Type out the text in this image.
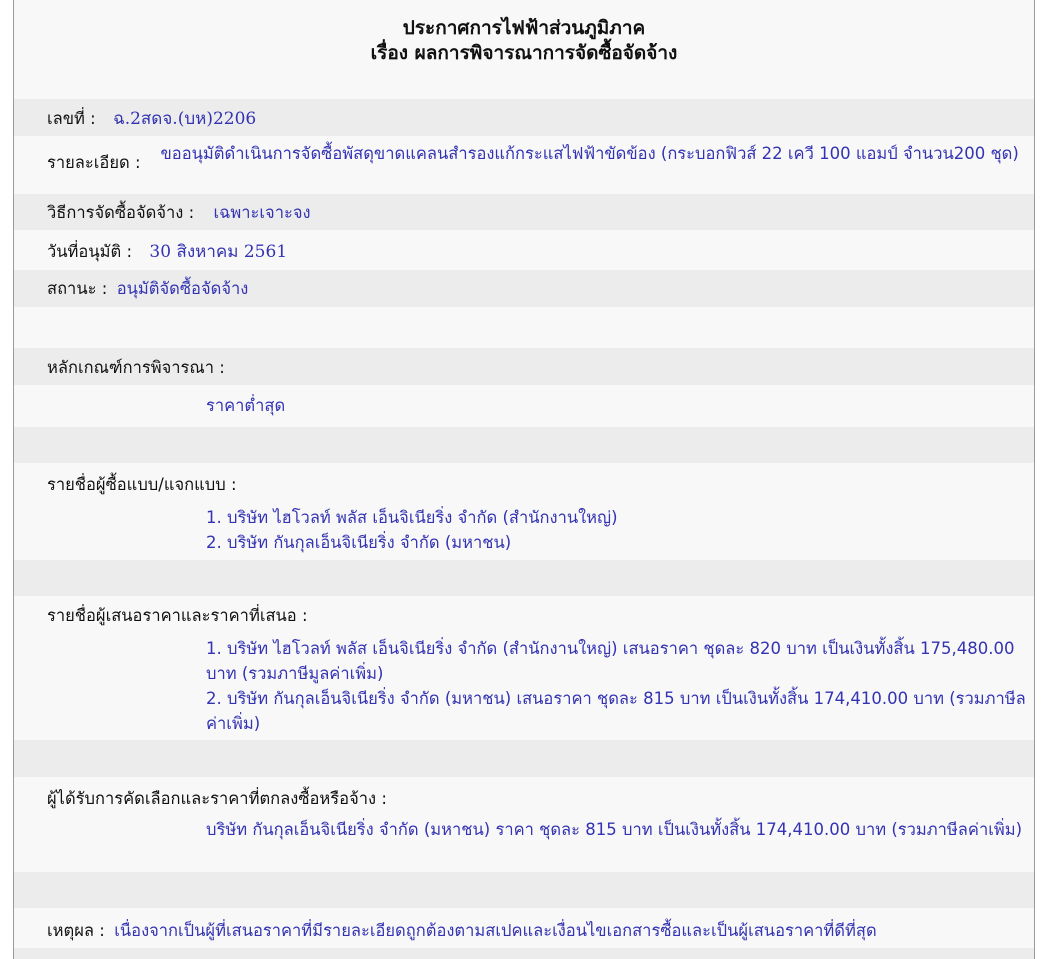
ประกาศการไฟฟ้าส่วนภูมิภาค
เรื่อง ผลการพิจารณาการจัดซื้อจัดจ้าง
เลขที่ : ฉ.2สดจ.(บห)2206
รายละเอียด : ขออนุมัติดำเนินการจัดซื้อพัสดุขาดแคลนสำรองแก้กระแสไฟฟ้าขัดข้อง (กระบอกฟิวส์ 22 เควี 100 แอมป์ จำนวน200 ชุด)
วิธีการจัดซื้อจัดจ้าง : เฉพาะเจาะจง
วันที่อนุมัติ : 30 สิงหาคม 2561
สถานะ : อนุมัติจัดซื้อจัดจ้าง
หลักเกณฑ์การพิจารณา :
ราคาต่ำสุด
รายชื่อผู้ซื้อแบบ/แจกแบบ :
1. บริษัท ไฮโวลท์ พลัส เอ็นจิเนียริ่ง จำกัด (สำนักงานใหญ่)
2. บริษัท กันกุลเอ็นจิเนียริ่ง จำกัด (มหาชน)
รายชื่อผู้เสนอราคาและราคาที่เสนอ :
1. บริษัท ไฮโวลท์ พลัส เอ็นจิเนียริ่ง จำกัด (สำนักงานใหญ่) เสนอราคา ชุดละ 820 บาท เป็นเงินทั้งสิ้น 175,480.00 บาท (รวมภาษีมูลค่าเพิ่ม)
2. บริษัท กันกุลเอ็นจิเนียริ่ง จำกัด (มหาชน) เสนอราคา ชุดละ 815 บาท เป็นเงินทั้งสิ้น 174,410.00 บาท (รวมภาษีลค่าเพิ่ม)
ผู้ได้รับการคัดเลือกและราคาที่ตกลงซื้อหรือจ้าง :
บริษัท กันกุลเอ็นจิเนียริ่ง จำกัด (มหาชน) ราคา ชุดละ 815 บาท เป็นเงินทั้งสิ้น 174,410.00 บาท (รวมภาษีลค่าเพิ่ม)
เหตุผล : เนื่องจากเป็นผู้ที่เสนอราคาที่มีรายละเอียดถูกต้องตามสเปคและเงื่อนไขเอกสารซื้อและเป็นผู้เสนอราคาที่ดีที่สุด
